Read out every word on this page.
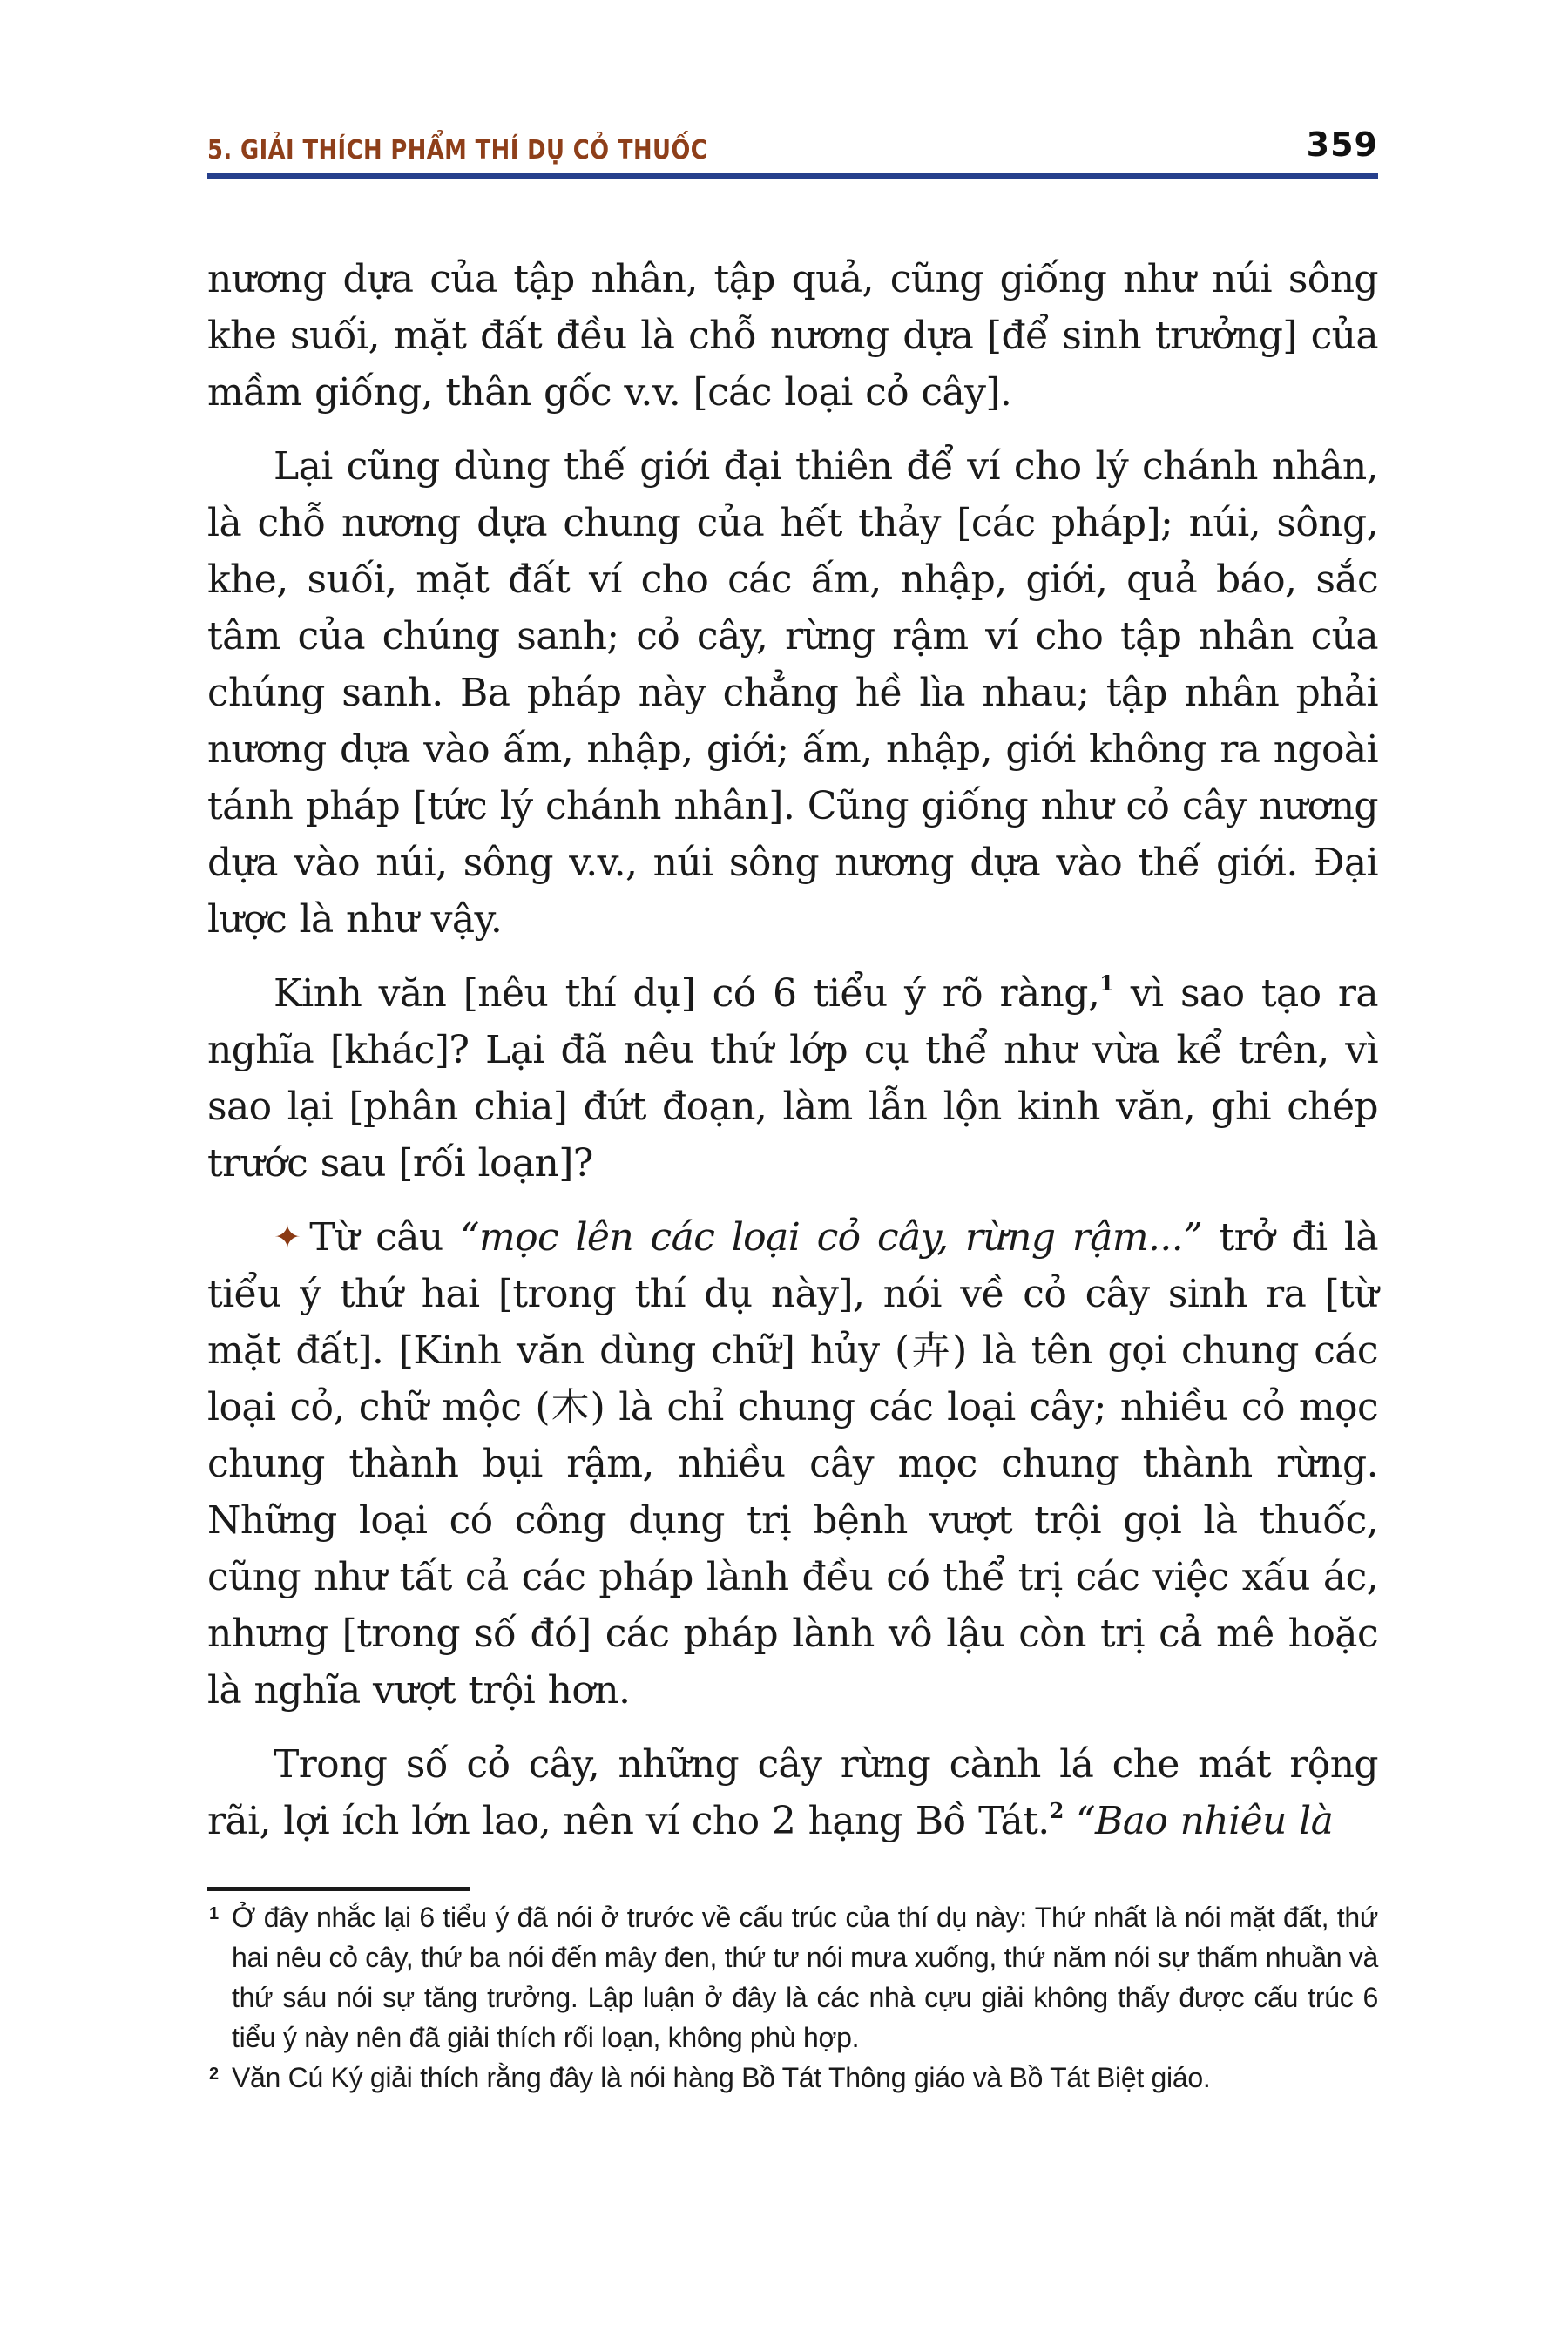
5. GIẢI THÍCH PHẨM THÍ DỤ CỎ THUỐC	359

nương dựa của tập nhân, tập quả, cũng giống như núi sông khe suối, mặt đất đều là chỗ nương dựa [để sinh trưởng] của mầm giống, thân gốc v.v. [các loại cỏ cây].

Lại cũng dùng thế giới đại thiên để ví cho lý chánh nhân, là chỗ nương dựa chung của hết thảy [các pháp]; núi, sông, khe, suối, mặt đất ví cho các ấm, nhập, giới, quả báo, sắc tâm của chúng sanh; cỏ cây, rừng rậm ví cho tập nhân của chúng sanh. Ba pháp này chẳng hề lìa nhau; tập nhân phải nương dựa vào ấm, nhập, giới; ấm, nhập, giới không ra ngoài tánh pháp [tức lý chánh nhân]. Cũng giống như cỏ cây nương dựa vào núi, sông v.v., núi sông nương dựa vào thế giới. Đại lược là như vậy.

Kinh văn [nêu thí dụ] có 6 tiểu ý rõ ràng,$^1$ vì sao tạo ra nghĩa [khác]? Lại đã nêu thứ lớp cụ thể như vừa kể trên, vì sao lại [phân chia] đứt đoạn, làm lẫn lộn kinh văn, ghi chép trước sau [rối loạn]?

✦ Từ câu “mọc lên các loại cỏ cây, rừng rậm...” trở đi là tiểu ý thứ hai [trong thí dụ này], nói về cỏ cây sinh ra [từ mặt đất]. [Kinh văn dùng chữ] hủy (卉) là tên gọi chung các loại cỏ, chữ mộc (木) là chỉ chung các loại cây; nhiều cỏ mọc chung thành bụi rậm, nhiều cây mọc chung thành rừng. Những loại có công dụng trị bệnh vượt trội gọi là thuốc, cũng như tất cả các pháp lành đều có thể trị các việc xấu ác, nhưng [trong số đó] các pháp lành vô lậu còn trị cả mê hoặc là nghĩa vượt trội hơn.

Trong số cỏ cây, những cây rừng cành lá che mát rộng rãi, lợi ích lớn lao, nên ví cho 2 hạng Bồ Tát.$^2$ “Bao nhiêu là

1 Ở đây nhắc lại 6 tiểu ý đã nói ở trước về cấu trúc của thí dụ này: Thứ nhất là nói mặt đất, thứ hai nêu cỏ cây, thứ ba nói đến mây đen, thứ tư nói mưa xuống, thứ năm nói sự thấm nhuần và thứ sáu nói sự tăng trưởng. Lập luận ở đây là các nhà cựu giải không thấy được cấu trúc 6 tiểu ý này nên đã giải thích rối loạn, không phù hợp.

2 Văn Cú Ký giải thích rằng đây là nói hàng Bồ Tát Thông giáo và Bồ Tát Biệt giáo.
